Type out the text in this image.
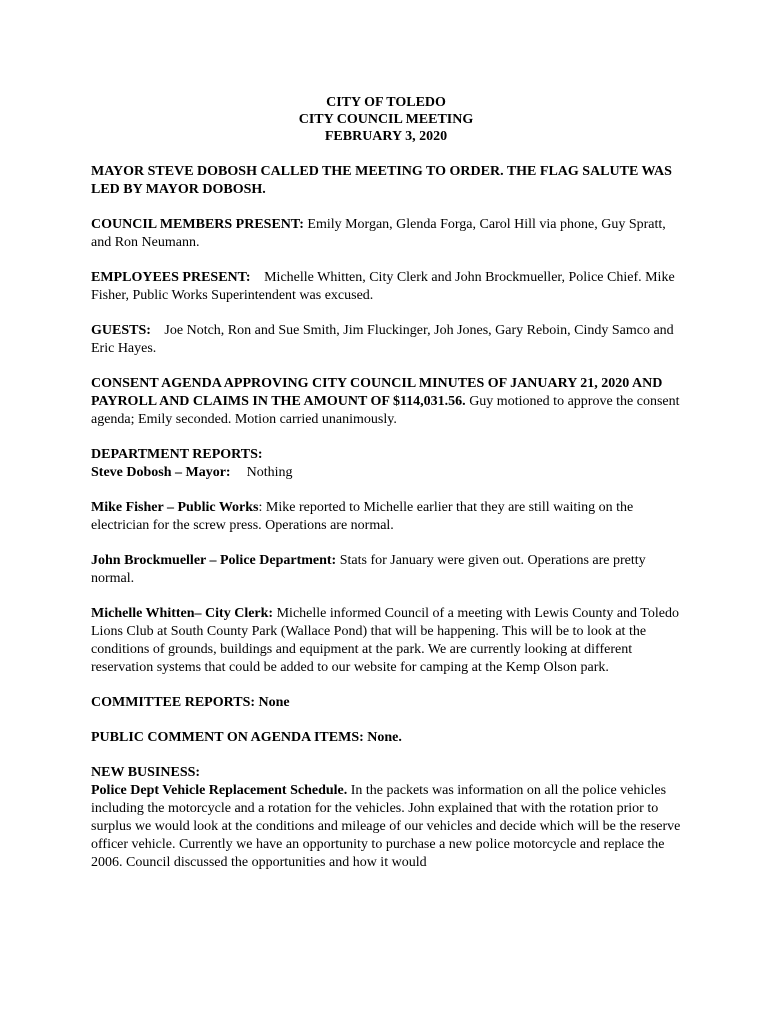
CITY OF TOLEDO
CITY COUNCIL MEETING
FEBRUARY 3, 2020

MAYOR STEVE DOBOSH CALLED THE MEETING TO ORDER. THE FLAG SALUTE WAS LED BY MAYOR DOBOSH.

COUNCIL MEMBERS PRESENT: Emily Morgan, Glenda Forga, Carol Hill via phone, Guy Spratt, and Ron Neumann.

EMPLOYEES PRESENT: Michelle Whitten, City Clerk and John Brockmueller, Police Chief. Mike Fisher, Public Works Superintendent was excused.

GUESTS: Joe Notch, Ron and Sue Smith, Jim Fluckinger, Joh Jones, Gary Reboin, Cindy Samco and Eric Hayes.

CONSENT AGENDA APPROVING CITY COUNCIL MINUTES OF JANUARY 21, 2020 AND PAYROLL AND CLAIMS IN THE AMOUNT OF $114,031.56. Guy motioned to approve the consent agenda; Emily seconded. Motion carried unanimously.

DEPARTMENT REPORTS:
Steve Dobosh – Mayor: Nothing

Mike Fisher – Public Works: Mike reported to Michelle earlier that they are still waiting on the electrician for the screw press. Operations are normal.

John Brockmueller – Police Department: Stats for January were given out. Operations are pretty normal.

Michelle Whitten– City Clerk: Michelle informed Council of a meeting with Lewis County and Toledo Lions Club at South County Park (Wallace Pond) that will be happening. This will be to look at the conditions of grounds, buildings and equipment at the park. We are currently looking at different reservation systems that could be added to our website for camping at the Kemp Olson park.

COMMITTEE REPORTS: None

PUBLIC COMMENT ON AGENDA ITEMS: None.

NEW BUSINESS:
Police Dept Vehicle Replacement Schedule. In the packets was information on all the police vehicles including the motorcycle and a rotation for the vehicles. John explained that with the rotation prior to surplus we would look at the conditions and mileage of our vehicles and decide which will be the reserve officer vehicle. Currently we have an opportunity to purchase a new police motorcycle and replace the 2006. Council discussed the opportunities and how it would
